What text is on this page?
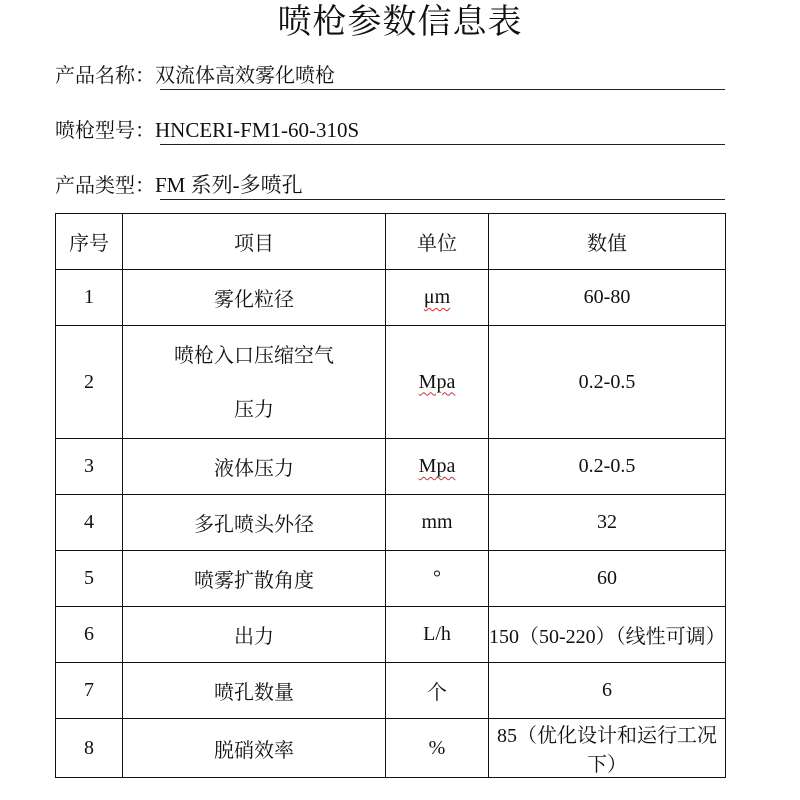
喷枪参数信息表
产品名称：双流体高效雾化喷枪
喷枪型号：HNCERI-FM1-60-310S
产品类型：FM 系列-多喷孔
序号	项目	单位	数值
1	雾化粒径	μm	60-80
2	喷枪入口压缩空气
压力	Mpa	0.2-0.5
3	液体压力	Mpa	0.2-0.5
4	多孔喷头外径	mm	32
5	喷雾扩散角度	°	60
6	出力	L/h	150（50-220）（线性可调）
7	喷孔数量	个	6
8	脱硝效率	%	85（优化设计和运行工况下）
